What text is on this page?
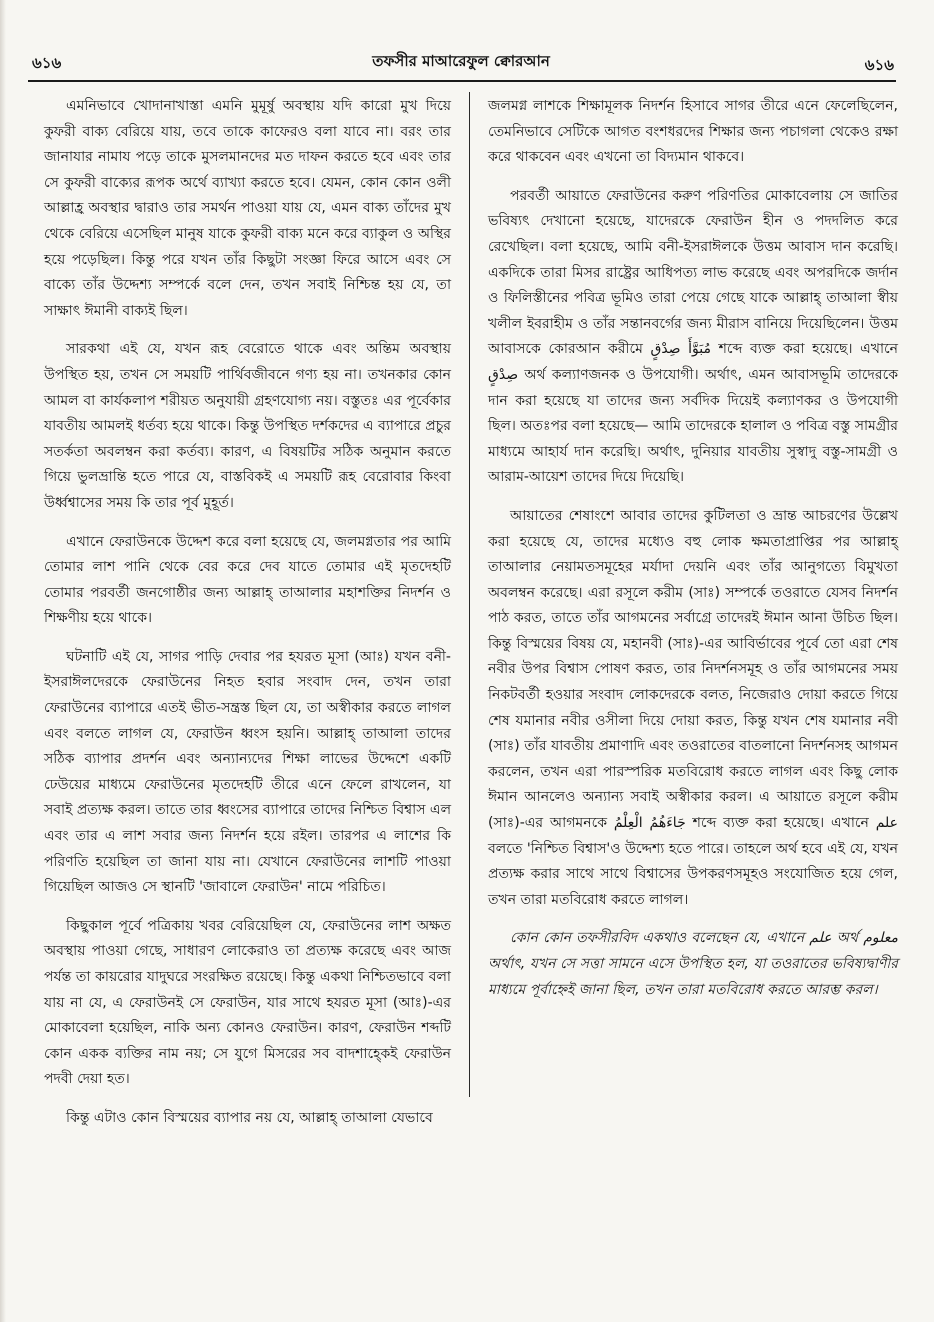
৬১৬	তফসীর মাআরেফুল ক্বোরআন	৬১৬

এমনিভাবে খোদানাখাস্তা এমনি মুমূর্ষু অবস্থায় যদি কারো মুখ দিয়ে কুফরী বাক্য বেরিয়ে যায়, তবে তাকে কাফেরও বলা যাবে না। বরং তার জানাযার নামায পড়ে তাকে মুসলমানদের মত দাফন করতে হবে এবং তার সে কুফরী বাক্যের রূপক অর্থে ব্যাখ্যা করতে হবে। যেমন, কোন কোন ওলী আল্লাহ্র অবস্থার দ্বারাও তার সমর্থন পাওয়া যায় যে, এমন বাক্য তাঁদের মুখ থেকে বেরিয়ে এসেছিল মানুষ যাকে কুফরী বাক্য মনে করে ব্যাকুল ও অস্থির হয়ে পড়েছিল। কিন্তু পরে যখন তাঁর কিছুটা সংজ্ঞা ফিরে আসে এবং সে বাক্যে তাঁর উদ্দেশ্য সম্পর্কে বলে দেন, তখন সবাই নিশ্চিন্ত হয় যে, তা সাক্ষাৎ ঈমানী বাক্যই ছিল।

সারকথা এই যে, যখন রূহ বেরোতে থাকে এবং অন্তিম অবস্থায় উপস্থিত হয়, তখন সে সময়টি পার্থিবজীবনে গণ্য হয় না। তখনকার কোন আমল বা কার্যকলাপ শরীয়ত অনুযায়ী গ্রহণযোগ্য নয়। বস্তুতঃ এর পূর্বেকার যাবতীয় আমলই ধর্তব্য হয়ে থাকে। কিন্তু উপস্থিত দর্শকদের এ ব্যাপারে প্রচুর সতর্কতা অবলম্বন করা কর্তব্য। কারণ, এ বিষয়টির সঠিক অনুমান করতে গিয়ে ভুলভ্রান্তি হতে পারে যে, বাস্তবিকই এ সময়টি রূহ বেরোবার কিংবা উর্ধ্বশ্বাসের সময় কি তার পূর্ব মুহূর্ত।

এখানে ফেরাউনকে উদ্দেশ করে বলা হয়েছে যে, জলমগ্নতার পর আমি তোমার লাশ পানি থেকে বের করে দেব যাতে তোমার এই মৃতদেহটি তোমার পরবর্তী জনগোষ্ঠীর জন্য আল্লাহ্ তাআলার মহাশক্তির নিদর্শন ও শিক্ষণীয় হয়ে থাকে।

ঘটনাটি এই যে, সাগর পাড়ি দেবার পর হযরত মূসা (আঃ) যখন বনী-ইসরাঈলদেরকে ফেরাউনের নিহত হবার সংবাদ দেন, তখন তারা ফেরাউনের ব্যাপারে এতই ভীত-সন্ত্রস্ত ছিল যে, তা অস্বীকার করতে লাগল এবং বলতে লাগল যে, ফেরাউন ধ্বংস হয়নি। আল্লাহ্ তাআলা তাদের সঠিক ব্যাপার প্রদর্শন এবং অন্যান্যদের শিক্ষা লাভের উদ্দেশে একটি ঢেউয়ের মাধ্যমে ফেরাউনের মৃতদেহটি তীরে এনে ফেলে রাখলেন, যা সবাই প্রত্যক্ষ করল। তাতে তার ধ্বংসের ব্যাপারে তাদের নিশ্চিত বিশ্বাস এল এবং তার এ লাশ সবার জন্য নিদর্শন হয়ে রইল। তারপর এ লাশের কি পরিণতি হয়েছিল তা জানা যায় না। যেখানে ফেরাউনের লাশটি পাওয়া গিয়েছিল আজও সে স্থানটি 'জাবালে ফেরাউন' নামে পরিচিত।

কিছুকাল পূর্বে পত্রিকায় খবর বেরিয়েছিল যে, ফেরাউনের লাশ অক্ষত অবস্থায় পাওয়া গেছে, সাধারণ লোকেরাও তা প্রত্যক্ষ করেছে এবং আজ পর্যন্ত তা কায়রোর যাদুঘরে সংরক্ষিত রয়েছে। কিন্তু একথা নিশ্চিতভাবে বলা যায় না যে, এ ফেরাউনই সে ফেরাউন, যার সাথে হযরত মূসা (আঃ)-এর মোকাবেলা হয়েছিল, নাকি অন্য কোনও ফেরাউন। কারণ, ফেরাউন শব্দটি কোন একক ব্যক্তির নাম নয়; সে যুগে মিসরের সব বাদশাহ্কেই ফেরাউন পদবী দেয়া হত।

কিন্তু এটাও কোন বিস্ময়ের ব্যাপার নয় যে, আল্লাহ্ তাআলা যেভাবে

জলমগ্ন লাশকে শিক্ষামূলক নিদর্শন হিসাবে সাগর তীরে এনে ফেলেছিলেন, তেমনিভাবে সেটিকে আগত বংশধরদের শিক্ষার জন্য পচাগলা থেকেও রক্ষা করে থাকবেন এবং এখনো তা বিদ্যমান থাকবে।

পরবর্তী আয়াতে ফেরাউনের করুণ পরিণতির মোকাবেলায় সে জাতির ভবিষ্যৎ দেখানো হয়েছে, যাদেরকে ফেরাউন হীন ও পদদলিত করে রেখেছিল। বলা হয়েছে, আমি বনী-ইসরাঈলকে উত্তম আবাস দান করেছি। একদিকে তারা মিসর রাষ্ট্রের আধিপত্য লাভ করেছে এবং অপরদিকে জর্দান ও ফিলিস্তীনের পবিত্র ভূমিও তারা পেয়ে গেছে যাকে আল্লাহ্ তাআলা স্বীয় খলীল ইবরাহীম ও তাঁর সন্তানবর্গের জন্য মীরাস বানিয়ে দিয়েছিলেন। উত্তম আবাসকে কোরআন করীমে مُبَوَّأَ صِدْقٍ শব্দে ব্যক্ত করা হয়েছে। এখানে صِدْقٍ অর্থ কল্যাণজনক ও উপযোগী। অর্থাৎ, এমন আবাসভূমি তাদেরকে দান করা হয়েছে যা তাদের জন্য সর্বদিক দিয়েই কল্যাণকর ও উপযোগী ছিল। অতঃপর বলা হয়েছে— আমি তাদেরকে হালাল ও পবিত্র বস্তু সামগ্রীর মাধ্যমে আহার্য দান করেছি। অর্থাৎ, দুনিয়ার যাবতীয় সুস্বাদু বস্তু-সামগ্রী ও আরাম-আয়েশ তাদের দিয়ে দিয়েছি।

আয়াতের শেষাংশে আবার তাদের কুটিলতা ও ভ্রান্ত আচরণের উল্লেখ করা হয়েছে যে, তাদের মধ্যেও বহু লোক ক্ষমতাপ্রাপ্তির পর আল্লাহ্ তাআলার নেয়ামতসমূহের মর্যাদা দেয়নি এবং তাঁর আনুগত্যে বিমুখতা অবলম্বন করেছে। এরা রসূলে করীম (সাঃ) সম্পর্কে তওরাতে যেসব নিদর্শন পাঠ করত, তাতে তাঁর আগমনের সর্বাগ্রে তাদেরই ঈমান আনা উচিত ছিল। কিন্তু বিস্ময়ের বিষয় যে, মহানবী (সাঃ)-এর আবির্ভাবের পূর্বে তো এরা শেষ নবীর উপর বিশ্বাস পোষণ করত, তার নিদর্শনসমূহ ও তাঁর আগমনের সময় নিকটবর্তী হওয়ার সংবাদ লোকদেরকে বলত, নিজেরাও দোয়া করতে গিয়ে শেষ যমানার নবীর ওসীলা দিয়ে দোয়া করত, কিন্তু যখন শেষ যমানার নবী (সাঃ) তাঁর যাবতীয় প্রমাণাদি এবং তওরাতের বাতলানো নিদর্শনসহ আগমন করলেন, তখন এরা পারস্পরিক মতবিরোধ করতে লাগল এবং কিছু লোক ঈমান আনলেও অন্যান্য সবাই অস্বীকার করল। এ আয়াতে রসূলে করীম (সাঃ)-এর আগমনকে جَاءَهُمُ الْعِلْمُ শব্দে ব্যক্ত করা হয়েছে। এখানে علم বলতে 'নিশ্চিত বিশ্বাস'ও উদ্দেশ্য হতে পারে। তাহলে অর্থ হবে এই যে, যখন প্রত্যক্ষ করার সাথে সাথে বিশ্বাসের উপকরণসমূহও সংযোজিত হয়ে গেল, তখন তারা মতবিরোধ করতে লাগল।

কোন কোন তফসীরবিদ একথাও বলেছেন যে, এখানে علم অর্থ معلوم অর্থাৎ, যখন সে সত্তা সামনে এসে উপস্থিত হল, যা তওরাতের ভবিষ্যদ্বাণীর মাধ্যমে পূর্বাহ্নেই জানা ছিল, তখন তারা মতবিরোধ করতে আরম্ভ করল।
